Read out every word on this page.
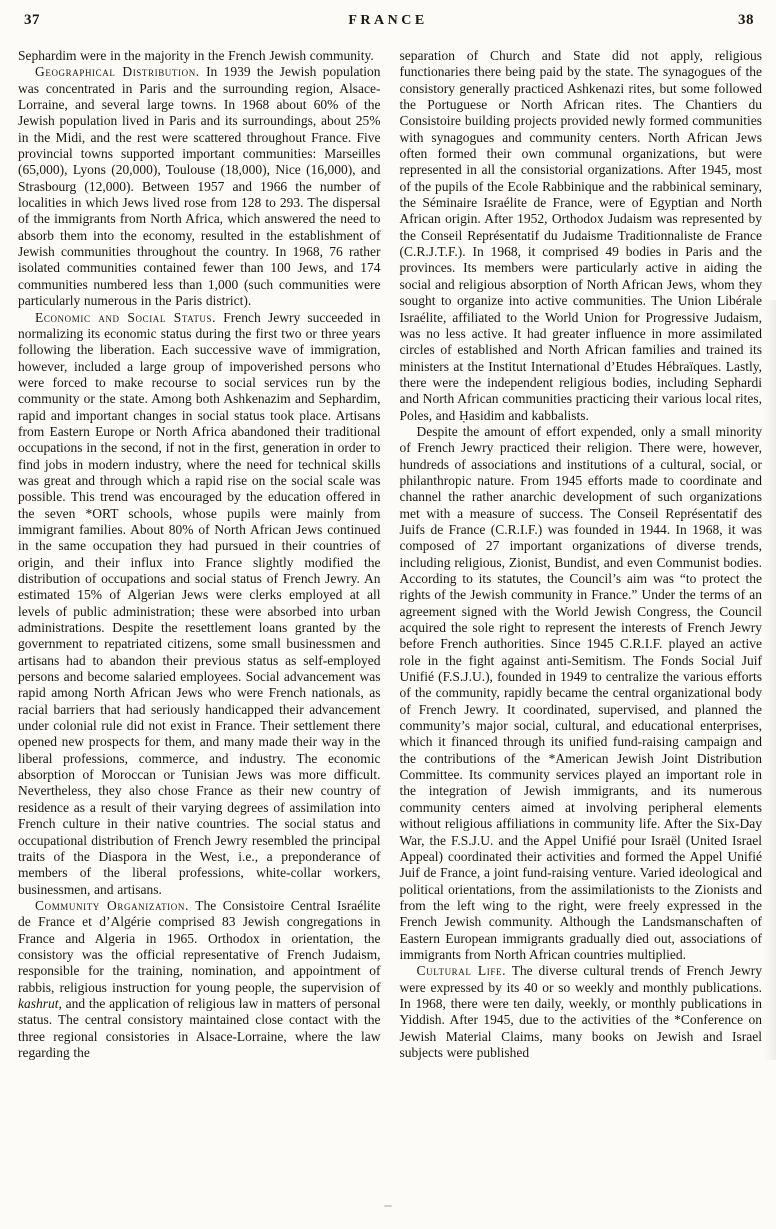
37	FRANCE	38

Sephardim were in the majority in the French Jewish community.

Geographical Distribution. In 1939 the Jewish population was concentrated in Paris and the surrounding region, Alsace-Lorraine, and several large towns. In 1968 about 60% of the Jewish population lived in Paris and its surroundings, about 25% in the Midi, and the rest were scattered throughout France. Five provincial towns supported important communities: Marseilles (65,000), Lyons (20,000), Toulouse (18,000), Nice (16,000), and Strasbourg (12,000). Between 1957 and 1966 the number of localities in which Jews lived rose from 128 to 293. The dispersal of the immigrants from North Africa, which answered the need to absorb them into the economy, resulted in the establishment of Jewish communities throughout the country. In 1968, 76 rather isolated communities contained fewer than 100 Jews, and 174 communities numbered less than 1,000 (such communities were particularly numerous in the Paris district).

Economic and Social Status. French Jewry succeeded in normalizing its economic status during the first two or three years following the liberation. Each successive wave of immigration, however, included a large group of impoverished persons who were forced to make recourse to social services run by the community or the state. Among both Ashkenazim and Sephardim, rapid and important changes in social status took place. Artisans from Eastern Europe or North Africa abandoned their traditional occupations in the second, if not in the first, generation in order to find jobs in modern industry, where the need for technical skills was great and through which a rapid rise on the social scale was possible. This trend was encouraged by the education offered in the seven *ORT schools, whose pupils were mainly from immigrant families. About 80% of North African Jews continued in the same occupation they had pursued in their countries of origin, and their influx into France slightly modified the distribution of occupations and social status of French Jewry. An estimated 15% of Algerian Jews were clerks employed at all levels of public administration; these were absorbed into urban administrations. Despite the resettlement loans granted by the government to repatriated citizens, some small businessmen and artisans had to abandon their previous status as self-employed persons and become salaried employees. Social advancement was rapid among North African Jews who were French nationals, as racial barriers that had seriously handicapped their advancement under colonial rule did not exist in France. Their settlement there opened new prospects for them, and many made their way in the liberal professions, commerce, and industry. The economic absorption of Moroccan or Tunisian Jews was more difficult. Nevertheless, they also chose France as their new country of residence as a result of their varying degrees of assimilation into French culture in their native countries. The social status and occupational distribution of French Jewry resembled the principal traits of the Diaspora in the West, i.e., a preponderance of members of the liberal professions, white-collar workers, businessmen, and artisans.

Community Organization. The Consistoire Central Israélite de France et d’Algérie comprised 83 Jewish congregations in France and Algeria in 1965. Orthodox in orientation, the consistory was the official representative of French Judaism, responsible for the training, nomination, and appointment of rabbis, religious instruction for young people, the supervision of kashrut, and the application of religious law in matters of personal status. The central consistory maintained close contact with the three regional consistories in Alsace-Lorraine, where the law regarding the

separation of Church and State did not apply, religious functionaries there being paid by the state. The synagogues of the consistory generally practiced Ashkenazi rites, but some followed the Portuguese or North African rites. The Chantiers du Consistoire building projects provided newly formed communities with synagogues and community centers. North African Jews often formed their own communal organizations, but were represented in all the consistorial organizations. After 1945, most of the pupils of the Ecole Rabbinique and the rabbinical seminary, the Séminaire Israélite de France, were of Egyptian and North African origin. After 1952, Orthodox Judaism was represented by the Conseil Représentatif du Judaisme Traditionnaliste de France (C.R.J.T.F.). In 1968, it comprised 49 bodies in Paris and the provinces. Its members were particularly active in aiding the social and religious absorption of North African Jews, whom they sought to organize into active communities. The Union Libérale Israélite, affiliated to the World Union for Progressive Judaism, was no less active. It had greater influence in more assimilated circles of established and North African families and trained its ministers at the Institut International d’Etudes Hébraïques. Lastly, there were the independent religious bodies, including Sephardi and North African communities practicing their various local rites, Poles, and Ḥasidim and kabbalists.

Despite the amount of effort expended, only a small minority of French Jewry practiced their religion. There were, however, hundreds of associations and institutions of a cultural, social, or philanthropic nature. From 1945 efforts made to coordinate and channel the rather anarchic development of such organizations met with a measure of success. The Conseil Représentatif des Juifs de France (C.R.I.F.) was founded in 1944. In 1968, it was composed of 27 important organizations of diverse trends, including religious, Zionist, Bundist, and even Communist bodies. According to its statutes, the Council’s aim was “to protect the rights of the Jewish community in France.” Under the terms of an agreement signed with the World Jewish Congress, the Council acquired the sole right to represent the interests of French Jewry before French authorities. Since 1945 C.R.I.F. played an active role in the fight against anti-Semitism. The Fonds Social Juif Unifié (F.S.J.U.), founded in 1949 to centralize the various efforts of the community, rapidly became the central organizational body of French Jewry. It coordinated, supervised, and planned the community’s major social, cultural, and educational enterprises, which it financed through its unified fund-raising campaign and the contributions of the *American Jewish Joint Distribution Committee. Its community services played an important role in the integration of Jewish immigrants, and its numerous community centers aimed at involving peripheral elements without religious affiliations in community life. After the Six-Day War, the F.S.J.U. and the Appel Unifié pour Israël (United Israel Appeal) coordinated their activities and formed the Appel Unifié Juif de France, a joint fund-raising venture. Varied ideological and political orientations, from the assimilationists to the Zionists and from the left wing to the right, were freely expressed in the French Jewish community. Although the Landsmanschaften of Eastern European immigrants gradually died out, associations of immigrants from North African countries multiplied.

Cultural Life. The diverse cultural trends of French Jewry were expressed by its 40 or so weekly and monthly publications. In 1968, there were ten daily, weekly, or monthly publications in Yiddish. After 1945, due to the activities of the *Conference on Jewish Material Claims, many books on Jewish and Israel subjects were published
